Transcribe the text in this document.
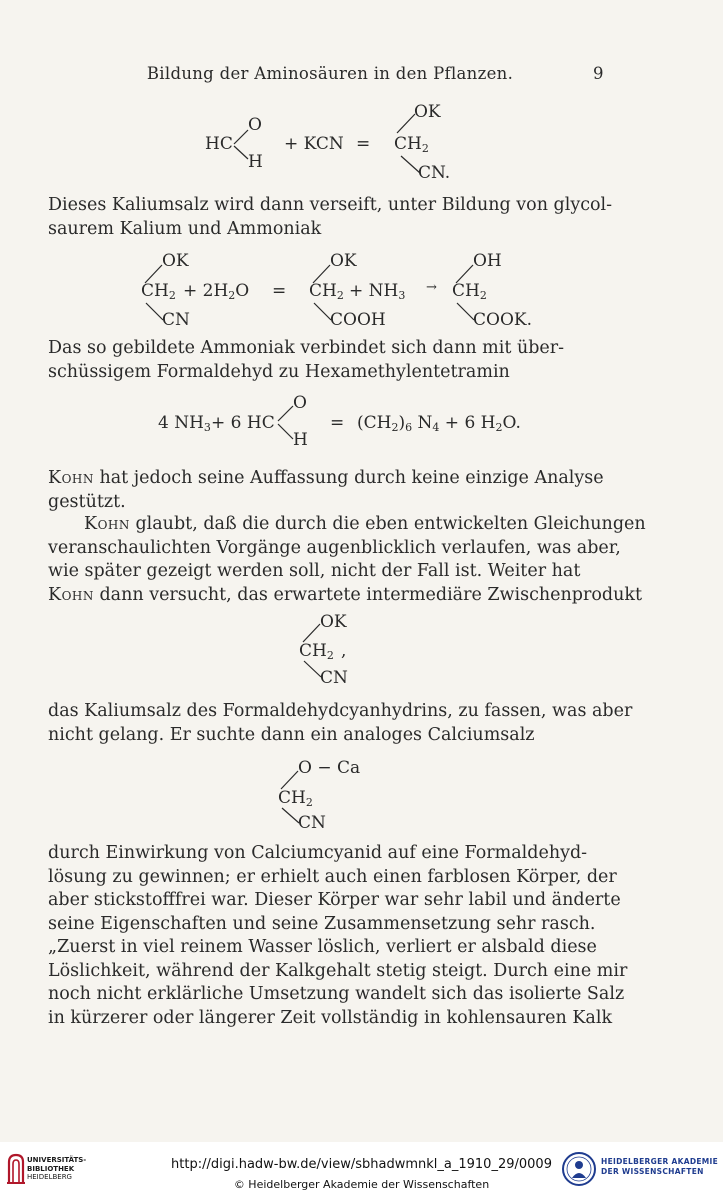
Bildung der Aminosäuren in den Pflanzen.	9
HC
O
H
+ KCN =
OK
$CH_2$
CN.

Dieses Kaliumsalz wird dann verseift, unter Bildung von glycol-
saurem Kalium und Ammoniak

OK
$CH_2$
CN
+ $2H_2O$ =
OK
$CH_2$
COOH
+ $NH_3$
→
OH
$CH_2$
COOK.

Das so gebildete Ammoniak verbindet sich dann mit über-
schüssigem Formaldehyd zu Hexamethylentetramin

4 $NH_3 + 6$ HC
O
H
= $(CH_2)_6$ $N_4 + 6$ $H_2O$.

Kohn hat jedoch seine Auffassung durch keine einzige Analyse
gestützt.

Kohn glaubt, daß die durch die eben entwickelten Gleichungen
veranschaulichten Vorgänge augenblicklich verlaufen, was aber,
wie später gezeigt werden soll, nicht der Fall ist. Weiter hat
Kohn dann versucht, das erwartete intermediäre Zwischenprodukt

OK
$CH_2$ ,
CN

das Kaliumsalz des Formaldehydcyanhydrins, zu fassen, was aber
nicht gelang. Er suchte dann ein analoges Calciumsalz

O − Ca
$CH_2$
CN

durch Einwirkung von Calciumcyanid auf eine Formaldehyd-
lösung zu gewinnen; er erhielt auch einen farblosen Körper, der
aber stickstofffrei war. Dieser Körper war sehr labil und änderte
seine Eigenschaften und seine Zusammensetzung sehr rasch.
„Zuerst in viel reinem Wasser löslich, verliert er alsbald diese
Löslichkeit, während der Kalkgehalt stetig steigt. Durch eine mir
noch nicht erklärliche Umsetzung wandelt sich das isolierte Salz
in kürzerer oder längerer Zeit vollständig in kohlensauren Kalk

UNIVERSITÄTS-
BIBLIOTHEK
HEIDELBERG
http://digi.hadw-bw.de/view/sbhadwmnkl_a_1910_29/0009
© Heidelberger Akademie der Wissenschaften
HEIDELBERGER AKADEMIE
DER WISSENSCHAFTEN
